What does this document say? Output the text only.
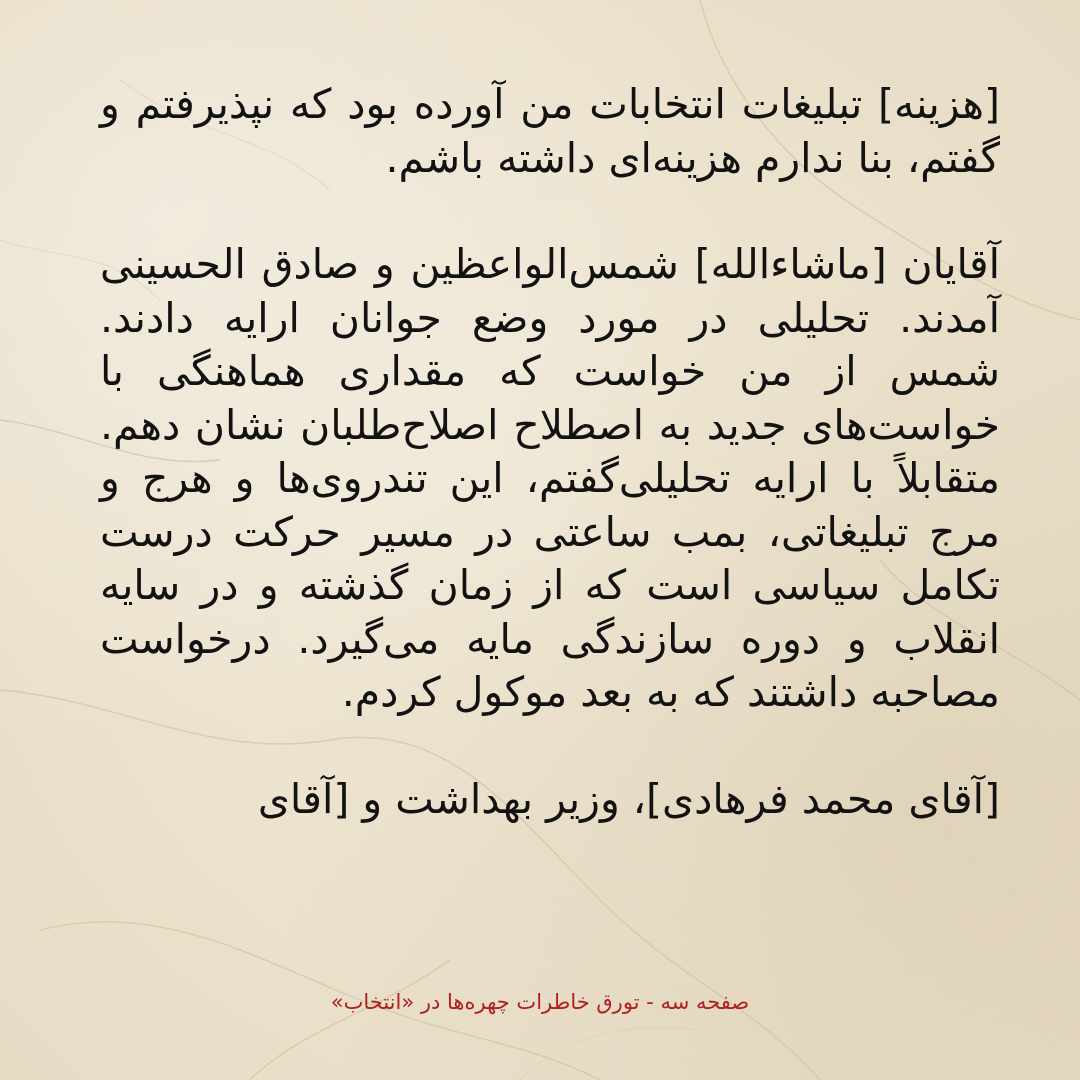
[هزینه] تبلیغات انتخابات من آورده بود که نپذیرفتم و گفتم، بنا ندارم هزینه‌ای داشته باشم.

آقایان [ماشاءالله] شمس‌الواعظین و صادق الحسینی آمدند. تحلیلی در مورد وضع جوانان ارایه دادند. شمس از من خواست که مقداری هماهنگی با خواست‌های جدید به اصطلاح اصلاح‌طلبان نشان دهم. متقابلاً با ارایه تحلیلی‌گفتم، این تندروی‌ها و هرج و مرج تبلیغاتی، بمب ساعتی در مسیر حرکت درست تکامل سیاسی است که از زمان گذشته و در سایه انقلاب و دوره سازندگی مایه می‌گیرد. درخواست مصاحبه داشتند که به بعد موکول کردم.

[آقای محمد فرهادی]، وزیر بهداشت و [آقای

صفحه سه - تورق خاطرات چهره‌ها در «انتخاب»
